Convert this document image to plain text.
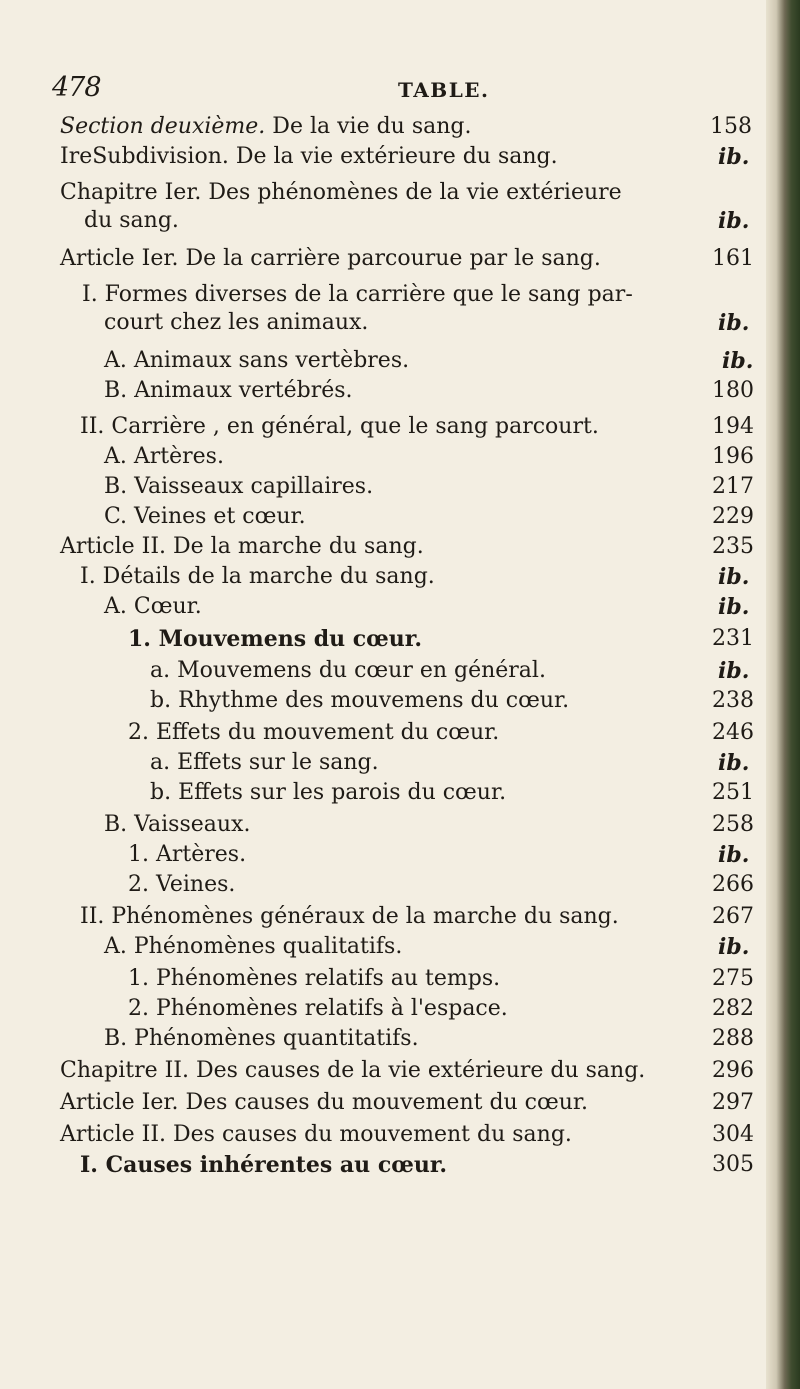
478	TABLE.
Section deuxième. De la vie du sang.	158
IreSubdivision. De la vie extérieure du sang.	ib.
Chapitre Ier. Des phénomènes de la vie extérieure
du sang.	ib.
Article Ier. De la carrière parcourue par le sang.	161
I. Formes diverses de la carrière que le sang par-
court chez les animaux.	ib.
A. Animaux sans vertèbres.	ib.
B. Animaux vertébrés.	180
II. Carrière , en général, que le sang parcourt.	194
A. Artères.	196
B. Vaisseaux capillaires.	217
C. Veines et cœur.	229
Article II. De la marche du sang.	235
I. Détails de la marche du sang.	ib.
A. Cœur.	ib.
1. Mouvemens du cœur.	231
a. Mouvemens du cœur en général.	ib.
b. Rhythme des mouvemens du cœur.	238
2. Effets du mouvement du cœur.	246
a. Effets sur le sang.	ib.
b. Effets sur les parois du cœur.	251
B. Vaisseaux.	258
1. Artères.	ib.
2. Veines.	266
II. Phénomènes généraux de la marche du sang.	267
A. Phénomènes qualitatifs.	ib.
1. Phénomènes relatifs au temps.	275
2. Phénomènes relatifs à l'espace.	282
B. Phénomènes quantitatifs.	288
Chapitre II. Des causes de la vie extérieure du sang.	296
Article Ier. Des causes du mouvement du cœur.	297
Article II. Des causes du mouvement du sang.	304
I. Causes inhérentes au cœur.	305
